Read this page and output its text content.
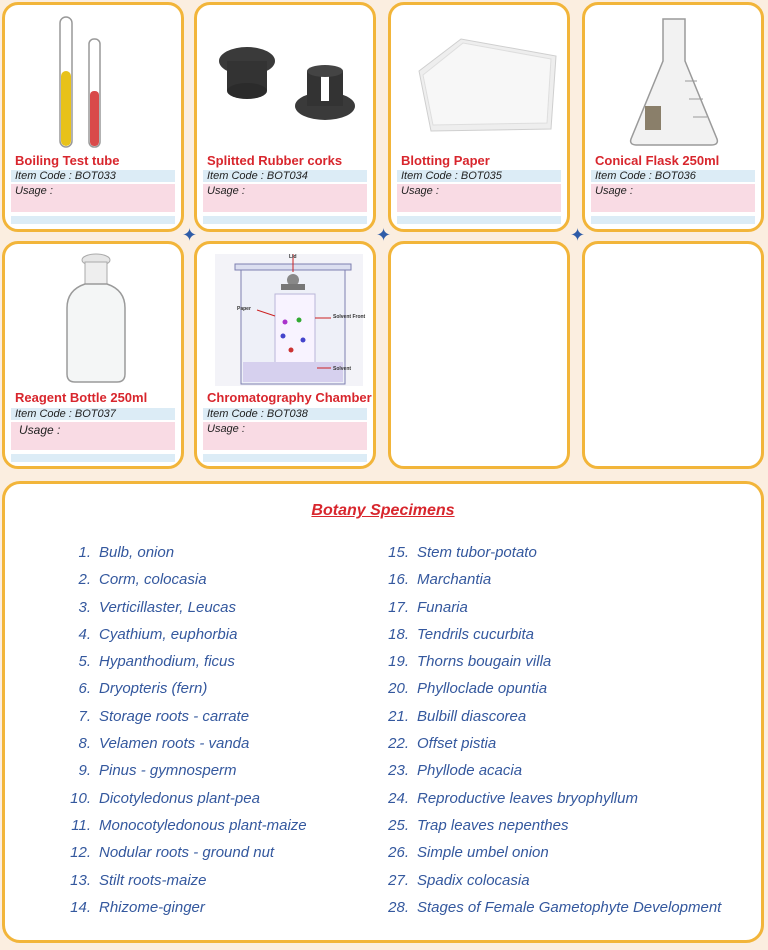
Boiling Test tube
Item Code : BOT033
Usage :
Splitted Rubber corks
Item Code : BOT034
Usage :
Blotting Paper
Item Code : BOT035
Usage :
Conical Flask 250ml
Item Code : BOT036
Usage :
✦	✦	✦
Reagent Bottle 250ml
Item Code : BOT037
Usage :
Lid
Paper
Solvent Front
Solvent
Chromatography Chamber
Item Code : BOT038
Usage :
Botany Specimens
1. Bulb, onion
2. Corm, colocasia
3. Verticillaster, Leucas
4. Cyathium, euphorbia
5. Hypanthodium, ficus
6. Dryopteris (fern)
7. Storage roots - carrate
8. Velamen roots - vanda
9. Pinus - gymnosperm
10. Dicotyledonus plant-pea
11. Monocotyledonous plant-maize
12. Nodular roots - ground nut
13. Stilt roots-maize
14. Rhizome-ginger
15. Stem tubor-potato
16. Marchantia
17. Funaria
18. Tendrils cucurbita
19. Thorns bougain villa
20. Phylloclade opuntia
21. Bulbill diascorea
22. Offset pistia
23. Phyllode acacia
24. Reproductive leaves bryophyllum
25. Trap leaves nepenthes
26. Simple umbel onion
27. Spadix colocasia
28. Stages of Female Gametophyte Development
